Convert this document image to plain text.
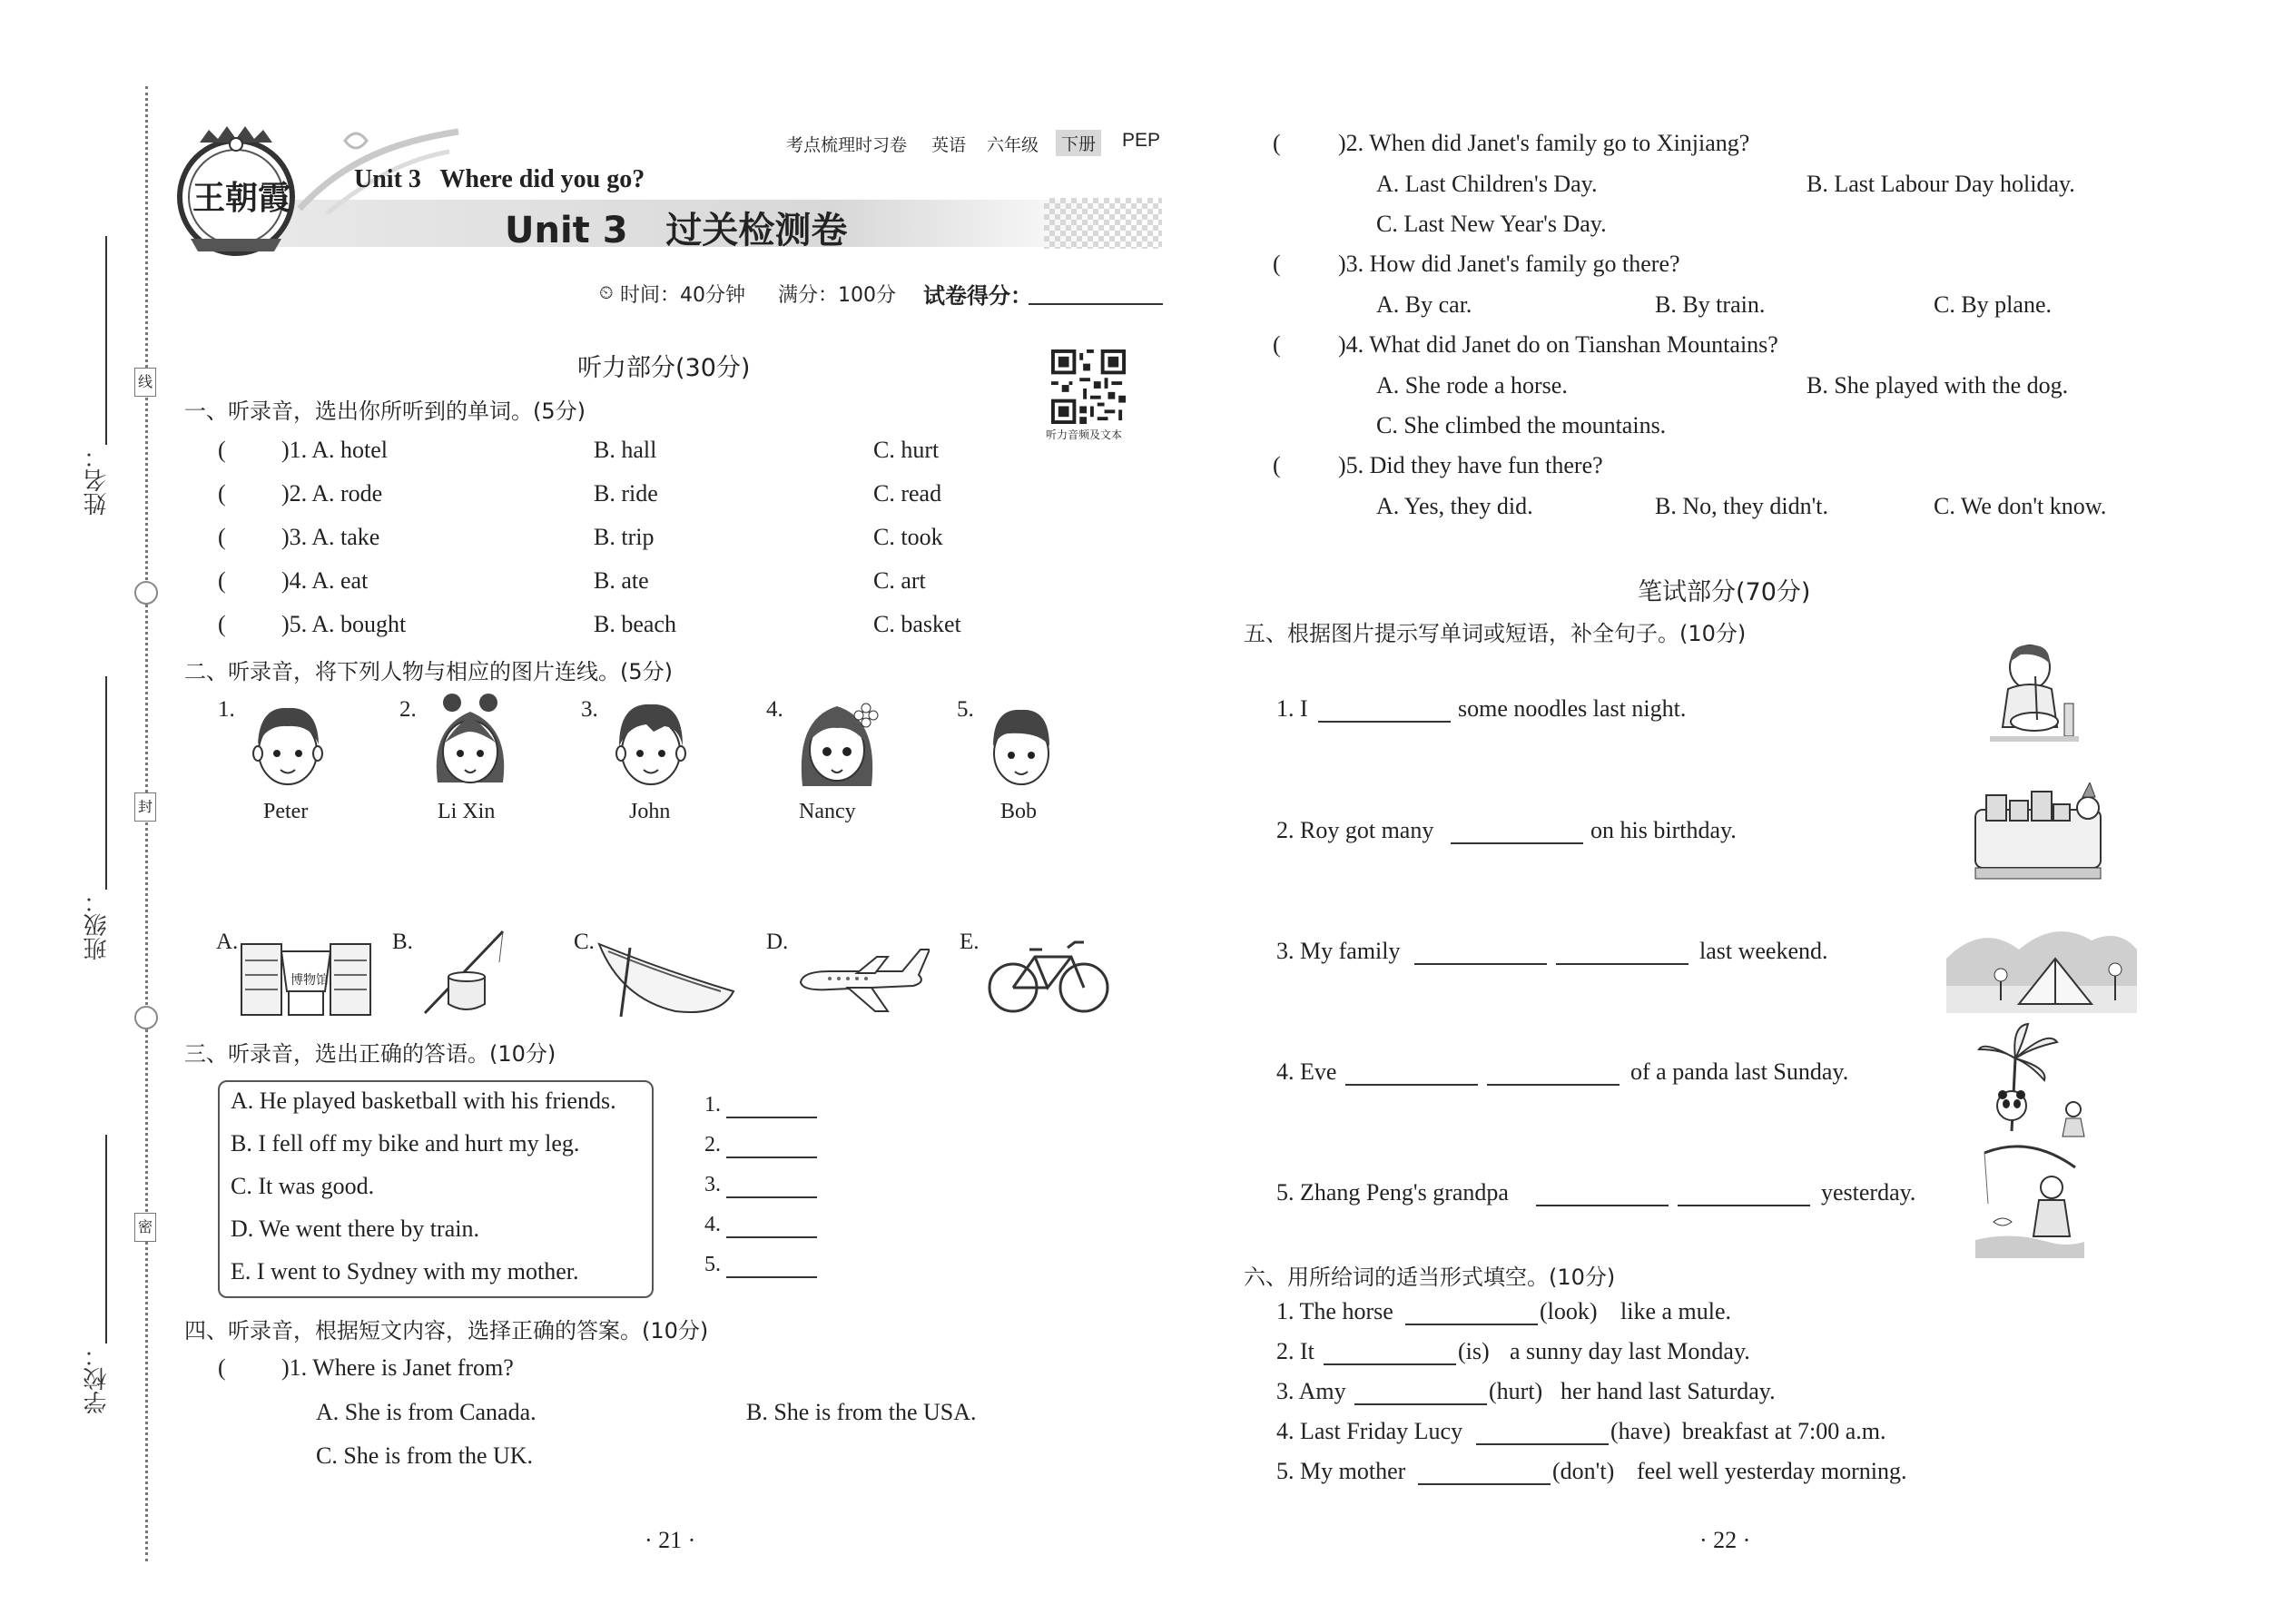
线
封
密
姓名：
班级：
学校：
王朝霞
考点梳理时习卷 英语 六年级	下册 PEP
Unit 3   Where did you go?
Unit 3   过关检测卷
⏲ 时间：40分钟 满分：100分 试卷得分：
听力部分(30分)
听力音频及文本
一、听录音，选出你所听到的单词。(5分)
( )1. A. hotel	B. hall	C. hurt
( )2. A. rode	B. ride	C. read
( )3. A. take	B. trip	C. took
( )4. A. eat	B. ate	C. art
( )5. A. bought	B. beach	C. basket
二、听录音，将下列人物与相应的图片连线。(5分)
1.
Peter
2.
Li Xin
3.
John
4.
Nancy
5.
Bob
A.
博物馆
B.	C.	D.	E.
三、听录音，选出正确的答语。(10分)
A. He played basketball with his friends.
B. I fell off my bike and hurt my leg.
C. It was good.
D. We went there by train.
E. I went to Sydney with my mother.
1.
2.
3.
4.
5.
四、听录音，根据短文内容，选择正确的答案。(10分)
( )1. Where is Janet from?
A. She is from Canada.	B. She is from the USA.
C. She is from the UK.
· 21 ·
( )2. When did Janet's family go to Xinjiang?
A. Last Children's Day.	B. Last Labour Day holiday.
C. Last New Year's Day.
( )3. How did Janet's family go there?
A. By car.	B. By train.	C. By plane.
( )4. What did Janet do on Tianshan Mountains?
A. She rode a horse.	B. She played with the dog.
C. She climbed the mountains.
( )5. Did they have fun there?
A. Yes, they did.	B. No, they didn't.	C. We don't know.
笔试部分(70分)
五、根据图片提示写单词或短语，补全句子。(10分)
1. I	some noodles last night.
2. Roy got many	on his birthday.
3. My family	last weekend.
4. Eve	of a panda last Sunday.
5. Zhang Peng's grandpa	yesterday.
六、用所给词的适当形式填空。(10分)
1. The horse	(look) like a mule.
2. It	(is) a sunny day last Monday.
3. Amy	(hurt) her hand last Saturday.
4. Last Friday Lucy	(have) breakfast at 7:00 a.m.
5. My mother	(don't) feel well yesterday morning.
· 22 ·
